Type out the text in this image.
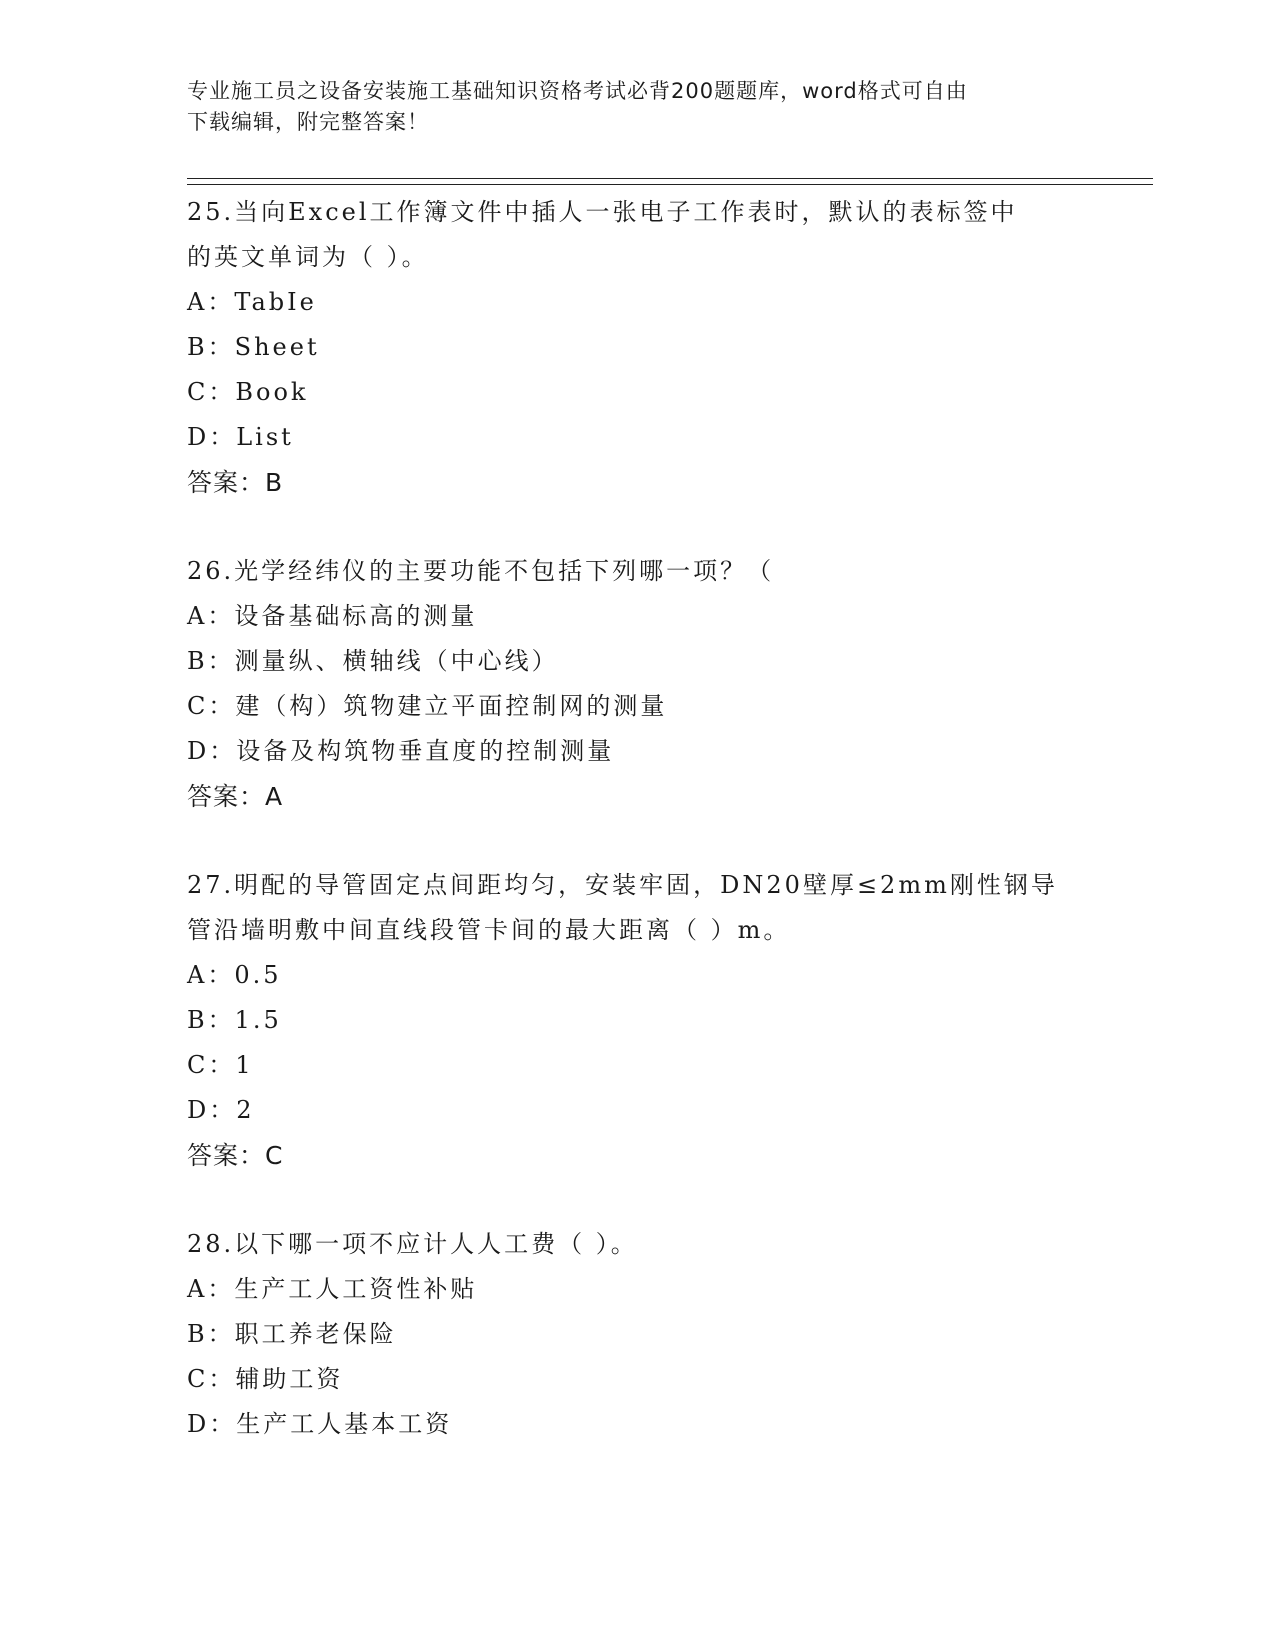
专业施工员之设备安装施工基础知识资格考试必背200题题库，word格式可自由
下载编辑，附完整答案！
25.当向Excel工作簿文件中插人一张电子工作表时，默认的表标签中
的英文单词为（ ）。
A：TabIe
B：Sheet
C：Book
D：List
答案：B
26.光学经纬仪的主要功能不包括下列哪一项？（
A：设备基础标高的测量
B：测量纵、横轴线（中心线）
C：建（构）筑物建立平面控制网的测量
D：设备及构筑物垂直度的控制测量
答案：A
27.明配的导管固定点间距均匀，安装牢固，DN20壁厚≤2mm刚性钢导
管沿墙明敷中间直线段管卡间的最大距离（ ）m。
A：0.5
B：1.5
C：1
D：2
答案：C
28.以下哪一项不应计人人工费（ ）。
A：生产工人工资性补贴
B：职工养老保险
C：辅助工资
D：生产工人基本工资
